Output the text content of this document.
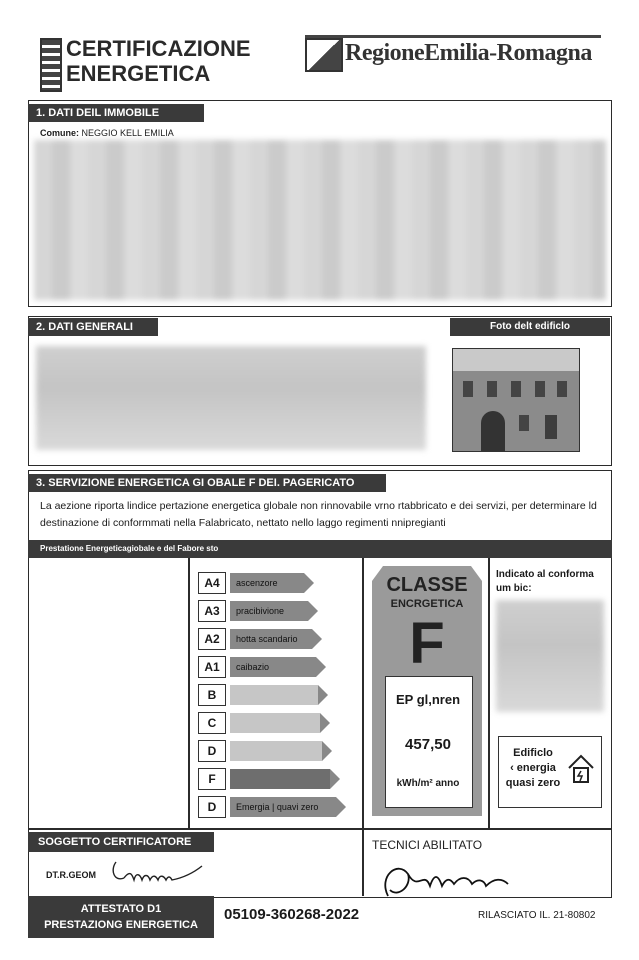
CERTIFICAZIONE
ENERGETICA
RegioneEmilia-Romagna
1. DATI DEIL IMMOBILE
Comune: NEGGIO KELL EMILIA
2. DATI GENERALI	Foto delt edificlo
3. SERVIZIONE ENERGETICA GI OBALE F DEI. PAGERICATO
La aezione riporta lindice pertazione energetica globale non rinnovabile vrno rtabbricato e dei servizi, per determinare ld destinazione di conformmati nella Falabricato, nettato nello laggo regimenti nnipregianti
Prestatione Energeticagiobale e del Fabore sto
A4	ascenzore
A3	pracibivione
A2	hotta scandario
A1	caibazio
B
C
D
F
D	Emergia | quavi zero
CLASSE
ENCRGETICA
F
EP gl,nren
457,50
kWh/m² anno
Indicato al conforma um bic:
Edificlo
‹ energia
quasi zero
SOGGETTO CERTIFICATORE
DT.R.GEOM
TECNICI ABILITATO
ATTESTATO D1
PRESTAZIONG ENERGETICA
05109-360268-2022	RILASCIATO IL. 21-80802
